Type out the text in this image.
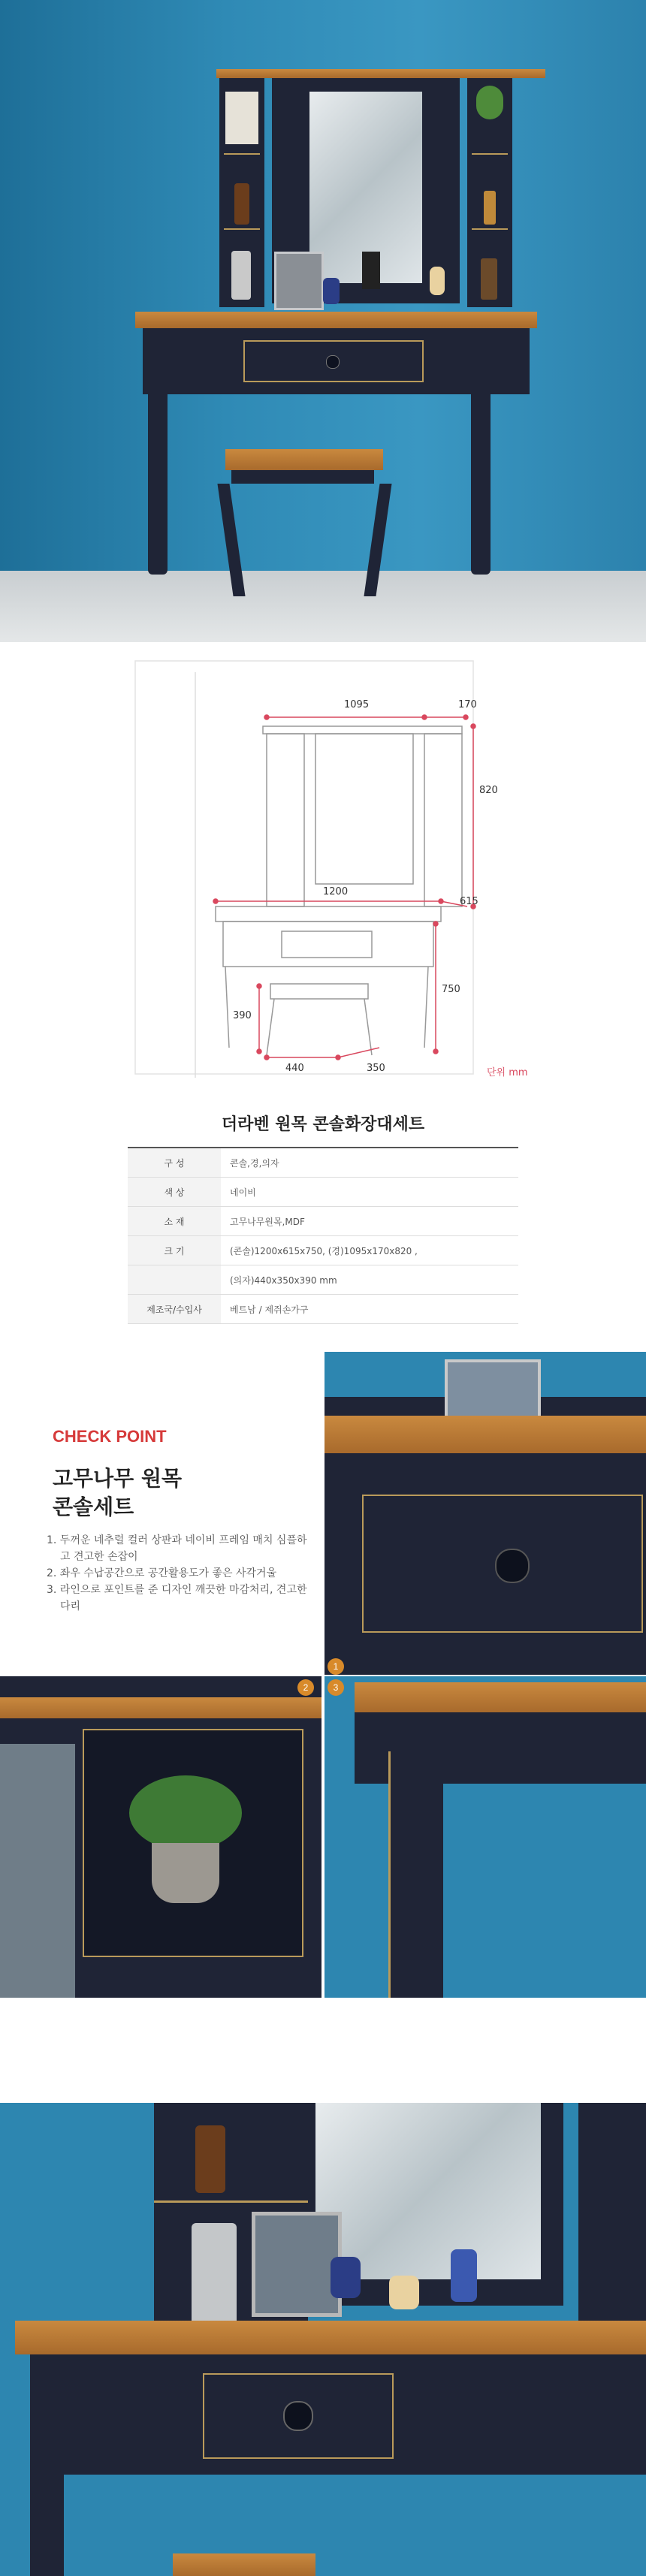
1095	170
820
1200
615
750
390
440	350	단위 mm
더라벤 원목 콘솔화장대세트
구 성	콘솔,경,의자
색 상	네이비
소 재	고무나무원목,MDF
크 기	(콘솔)1200x615x750, (경)1095x170x820 ,
	(의자)440x350x390 mm
제조국/수입사	베트남 / 제쥐손가구
CHECK POINT
고무나무 원목
콘솔세트
1. 두꺼운 네추럴 컬러 상판과 네이비 프레임 매치 심플하고 견고한 손잡이
2. 좌우 수납공간으로 공간활용도가 좋은 사각거울
3. 라인으로 포인트를 준 디자인 깨끗한 마감처리, 견고한 다리
1
2	3
